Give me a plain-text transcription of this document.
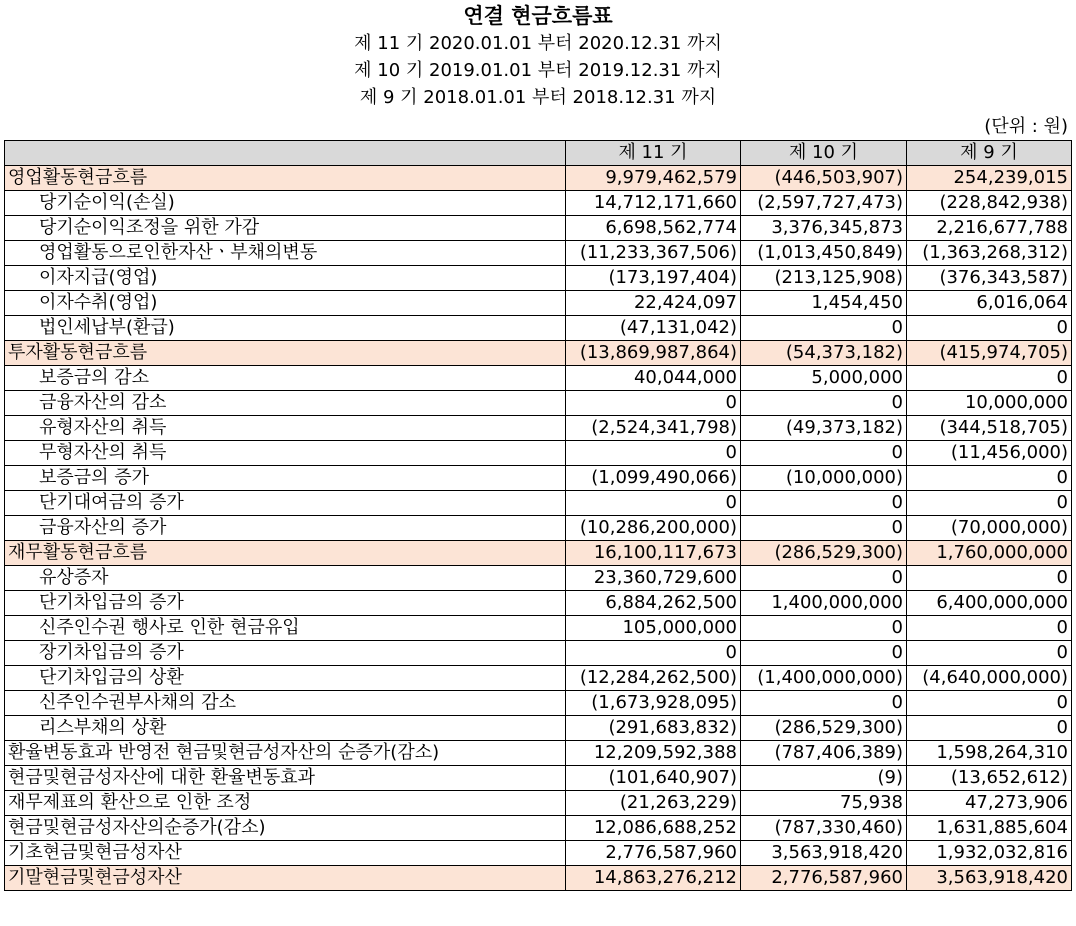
연결 현금흐름표
제 11 기 2020.01.01 부터 2020.12.31 까지
제 10 기 2019.01.01 부터 2019.12.31 까지
제 9 기 2018.01.01 부터 2018.12.31 까지
(단위 : 원)
	제 11 기	제 10 기	제 9 기
영업활동현금흐름	9,979,462,579	(446,503,907)	254,239,015
당기순이익(손실)	14,712,171,660	(2,597,727,473)	(228,842,938)
당기순이익조정을 위한 가감	6,698,562,774	3,376,345,873	2,216,677,788
영업활동으로인한자산ㆍ부채의변동	(11,233,367,506)	(1,013,450,849)	(1,363,268,312)
이자지급(영업)	(173,197,404)	(213,125,908)	(376,343,587)
이자수취(영업)	22,424,097	1,454,450	6,016,064
법인세납부(환급)	(47,131,042)	0	0
투자활동현금흐름	(13,869,987,864)	(54,373,182)	(415,974,705)
보증금의 감소	40,044,000	5,000,000	0
금융자산의 감소	0	0	10,000,000
유형자산의 취득	(2,524,341,798)	(49,373,182)	(344,518,705)
무형자산의 취득	0	0	(11,456,000)
보증금의 증가	(1,099,490,066)	(10,000,000)	0
단기대여금의 증가	0	0	0
금융자산의 증가	(10,286,200,000)	0	(70,000,000)
재무활동현금흐름	16,100,117,673	(286,529,300)	1,760,000,000
유상증자	23,360,729,600	0	0
단기차입금의 증가	6,884,262,500	1,400,000,000	6,400,000,000
신주인수권 행사로 인한 현금유입	105,000,000	0	0
장기차입금의 증가	0	0	0
단기차입금의 상환	(12,284,262,500)	(1,400,000,000)	(4,640,000,000)
신주인수권부사채의 감소	(1,673,928,095)	0	0
리스부채의 상환	(291,683,832)	(286,529,300)	0
환율변동효과 반영전 현금및현금성자산의 순증가(감소)	12,209,592,388	(787,406,389)	1,598,264,310
현금및현금성자산에 대한 환율변동효과	(101,640,907)	(9)	(13,652,612)
재무제표의 환산으로 인한 조정	(21,263,229)	75,938	47,273,906
현금및현금성자산의순증가(감소)	12,086,688,252	(787,330,460)	1,631,885,604
기초현금및현금성자산	2,776,587,960	3,563,918,420	1,932,032,816
기말현금및현금성자산	14,863,276,212	2,776,587,960	3,563,918,420
